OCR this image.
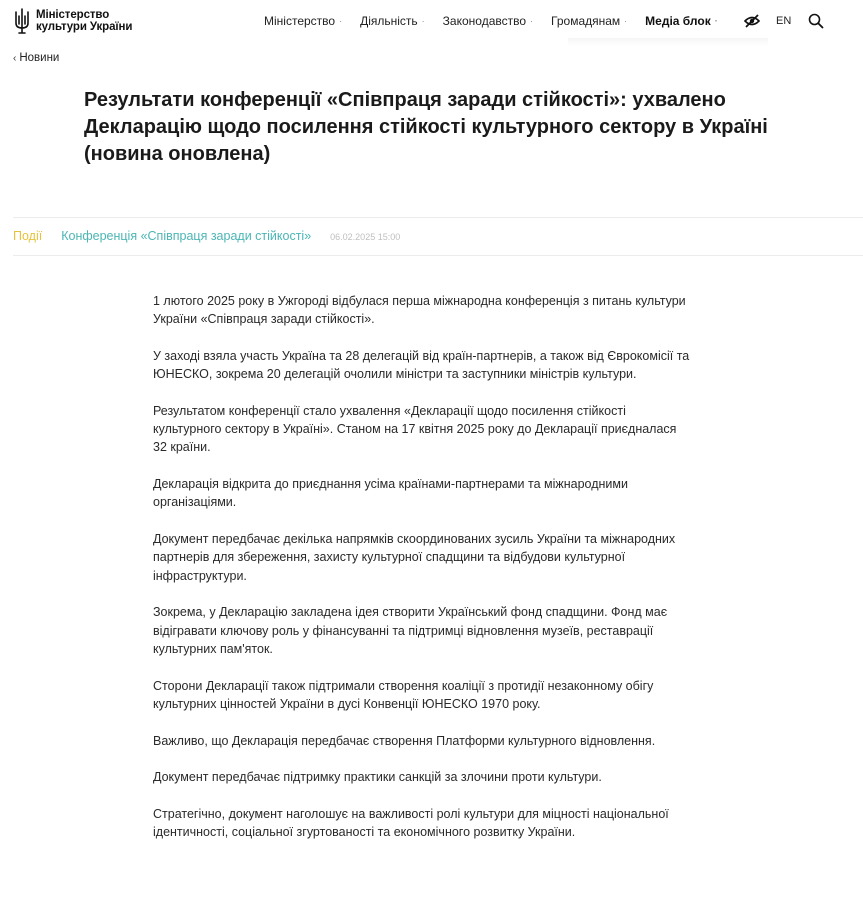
Міністерство
культури України	Міністерство · Діяльність · Законодавство · Громадянам · Медіа блок ·	EN
‹ Новини
Результати конференції «Співпраця заради стійкості»: ухвалено Декларацію щодо посилення стійкості культурного сектору в Україні (новина оновлена)
Події Конференція «Співпраця заради стійкості» 06.02.2025 15:00

1 лютого 2025 року в Ужгороді відбулася перша міжнародна конференція з питань культури України «Співпраця заради стійкості».

У заході взяла участь Україна та 28 делегацій від країн-партнерів, а також від Єврокомісії та ЮНЕСКО, зокрема 20 делегацій очолили міністри та заступники міністрів культури.

Результатом конференції стало ухвалення «Декларації щодо посилення стійкості культурного сектору в Україні». Станом на 17 квітня 2025 року до Декларації приєдналася 32 країни.

Декларація відкрита до приєднання усіма країнами-партнерами та міжнародними організаціями.

Документ передбачає декілька напрямків скоординованих зусиль України та міжнародних партнерів для збереження, захисту культурної спадщини та відбудови культурної інфраструктури.

Зокрема, у Декларацію закладена ідея створити Український фонд спадщини. Фонд має відігравати ключову роль у фінансуванні та підтримці відновлення музеїв, реставрації культурних пам'яток.

Сторони Декларації також підтримали створення коаліції з протидії незаконному обігу культурних цінностей України в дусі Конвенції ЮНЕСКО 1970 року.

Важливо, що Декларація передбачає створення Платформи культурного відновлення.

Документ передбачає підтримку практики санкцій за злочини проти культури.

Стратегічно, документ наголошує на важливості ролі культури для міцності національної ідентичності, соціальної згуртованості та економічного розвитку України.
